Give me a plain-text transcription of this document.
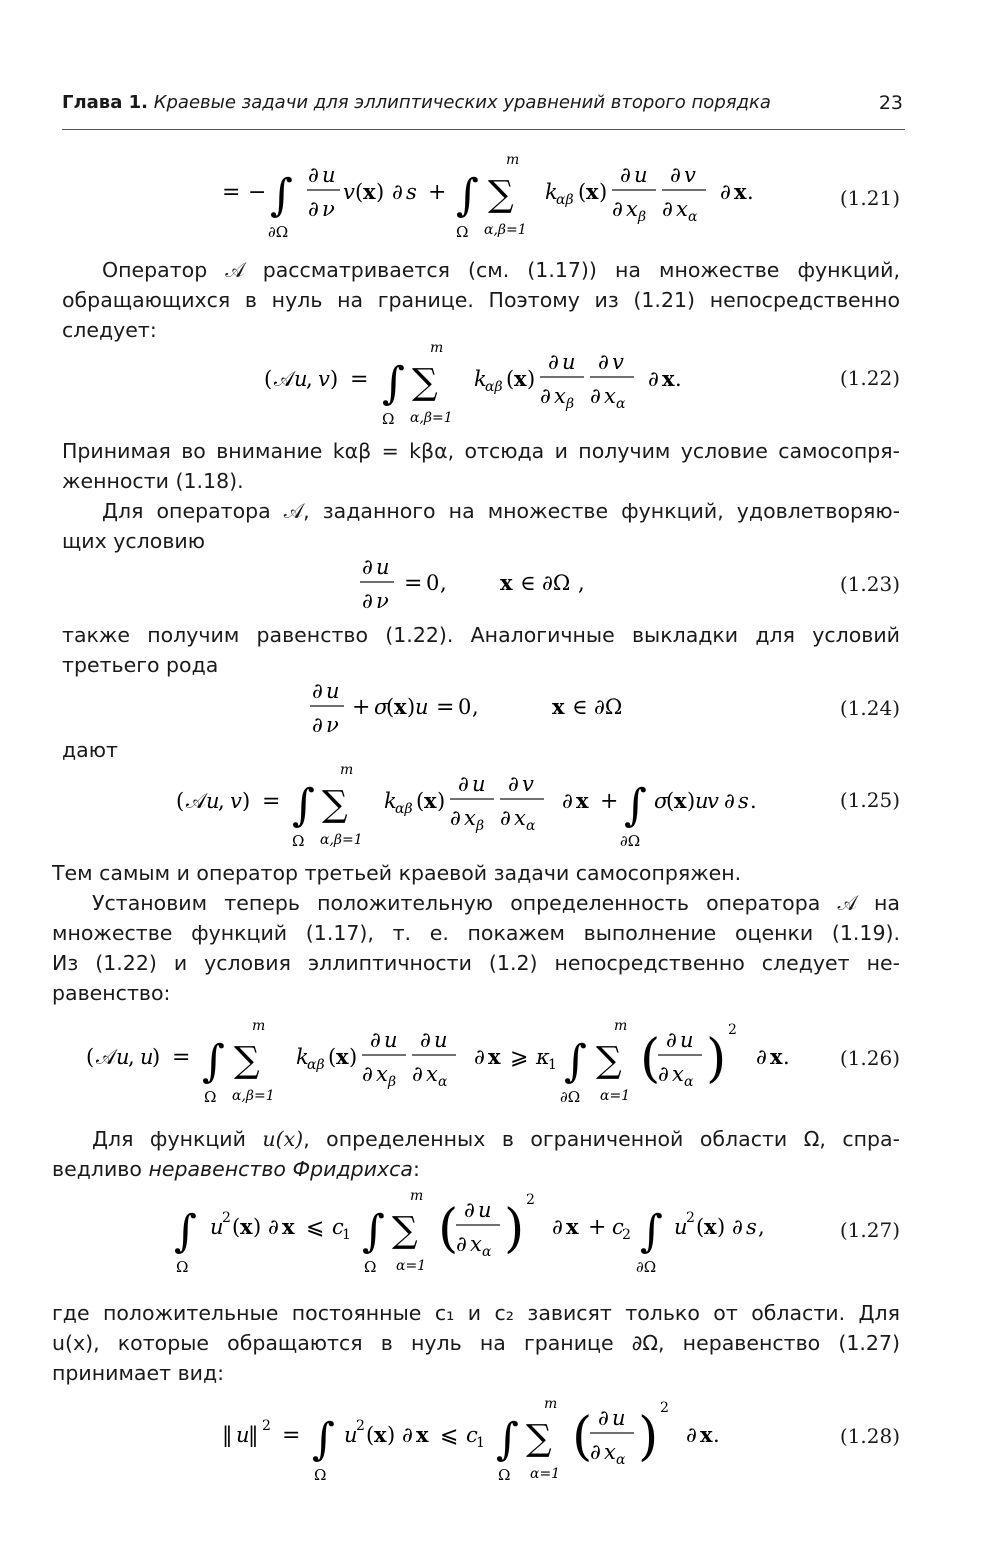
Глава 1. Краевые задачи для эллиптических уравнений второго порядка	23
= − ∫
∂Ω
∂ u
∂ ν
v ( x ) ∂ s + ∫
Ω
∑
m
α,β=1
k
αβ ( x )
∂ u
∂ x β
∂ v
∂ x α
∂ x .	(1.21)
Оператор 𝒜 рассматривается (см. (1.17)) на множестве функций,
обращающихся в нуль на границе. Поэтому из (1.21) непосредственно
следует:
( 𝒜 u
, v ) = ∫
Ω
∑
m
α,β=1
k
αβ ( x )
∂ u
∂ x β
∂ v
∂ x α
∂ x .	(1.22)
Принимая во внимание kαβ = kβα, отсюда и получим условие самосопря-
женности (1.18).
Для оператора 𝒜, заданного на множестве функций, удовлетворяю-
щих условию
∂ u
∂ ν
= 0 ,	x ∈ ∂Ω ,	(1.23)
также получим равенство (1.22). Аналогичные выкладки для условий
третьего рода
∂ u
∂ ν
+ σ
( x ) u = 0 ,	x ∈ ∂Ω	(1.24)
дают
( 𝒜 u
, v ) = ∫
Ω
∑
m
α,β=1
k
αβ ( x )
∂ u
∂ x β
∂ v
∂ x α
∂ x + ∫
∂Ω
σ
( x ) u
v ∂ s .	(1.25)
Тем самым и оператор третьей краевой задачи самосопряжен.
Установим теперь положительную определенность оператора 𝒜 на
множестве функций (1.17), т. е. покажем выполнение оценки (1.19).
Из (1.22) и условия эллиптичности (1.2) непосредственно следует не-
равенство:
( 𝒜 u
, u
) = ∫
Ω
∑
m
α,β=1
k
αβ ( x )
∂ u
∂ x β
∂ u
∂ x α
∂ x ⩾ κ
1 ∫
∂Ω
∑
m
α=1
( ∂ u
∂ x α ) 2
∂ x .	(1.26)
Для функций u(x), определенных в ограниченной области Ω, спра-
ведливо неравенство Фридрихса:
∫
Ω
u
2 ( x ) ∂ x ⩽ c
1 ∫
Ω
∑
m
α=1
( ∂ u
∂ x α ) 2
∂ x + c
2 ∫
∂Ω
u
2 ( x ) ∂ s ,	(1.27)
где положительные постоянные c₁ и c₂ зависят только от области. Для
u(x), которые обращаются в нуль на границе ∂Ω, неравенство (1.27)
принимает вид:
‖ u
‖ 2 = ∫
Ω
u
2 ( x ) ∂ x ⩽ c
1 ∫
Ω
∑
m
α=1
( ∂ u
∂ x α ) 2
∂ x .	(1.28)
